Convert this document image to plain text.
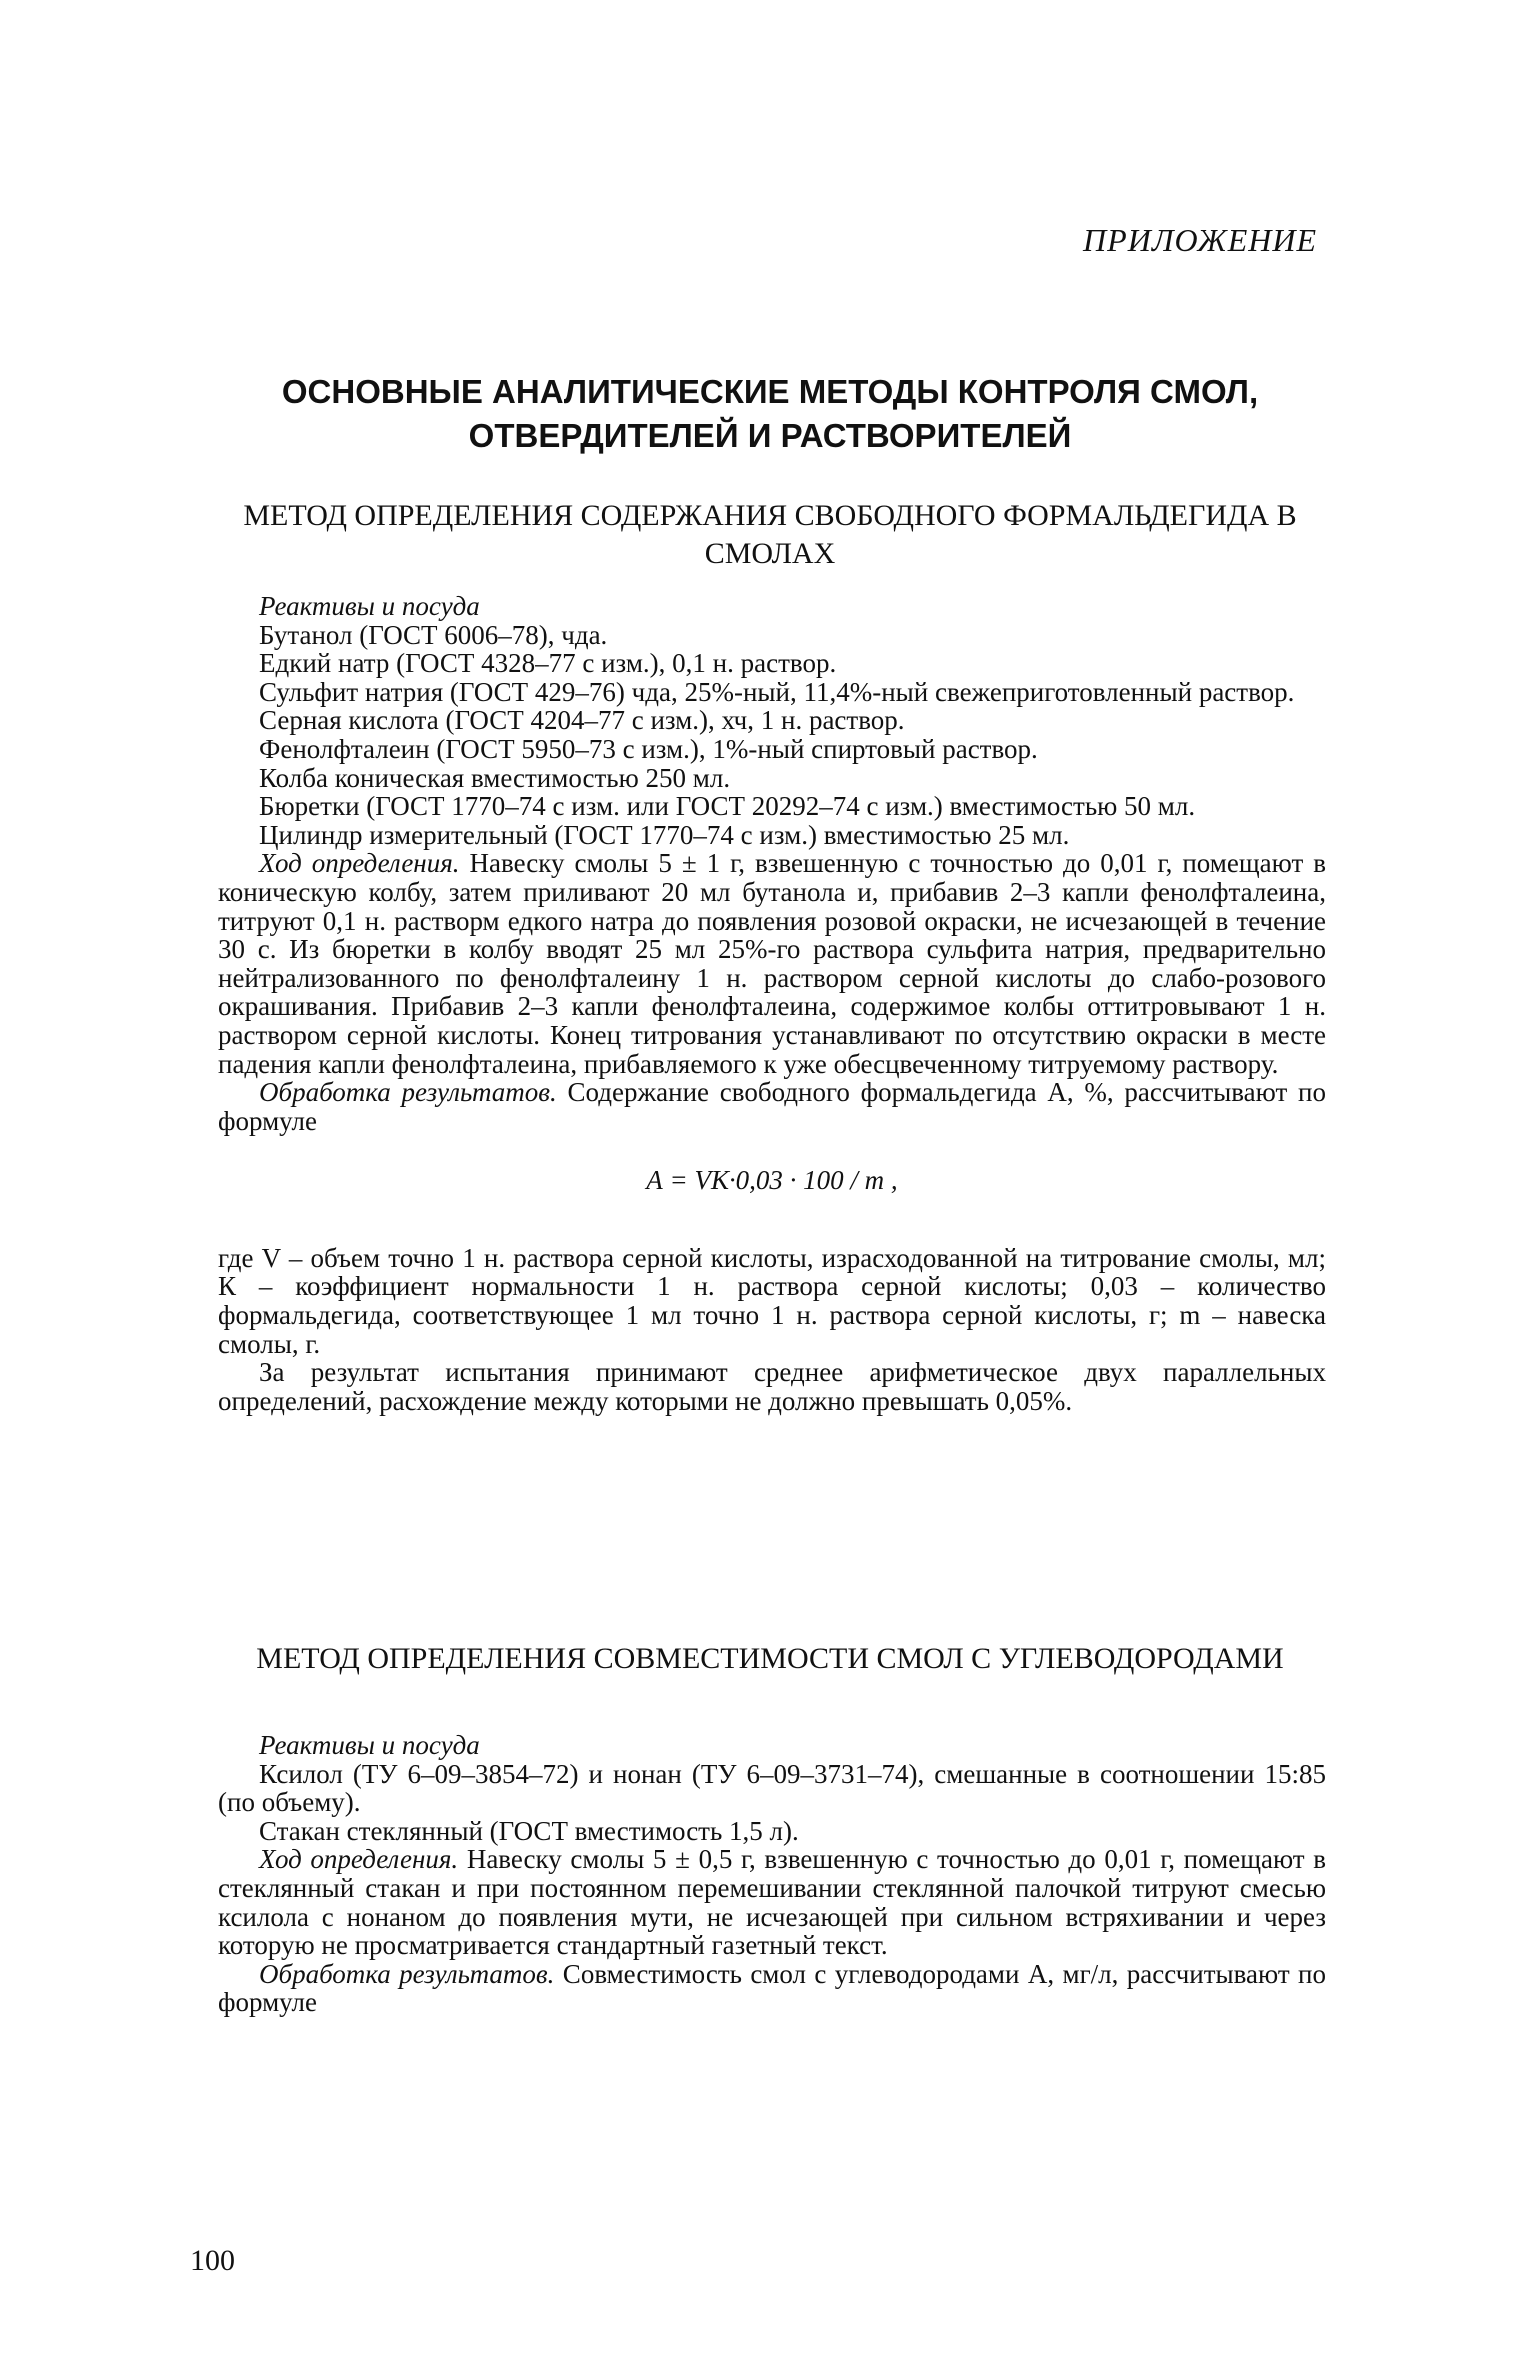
ПРИЛОЖЕНИЕ
ОСНОВНЫЕ АНАЛИТИЧЕСКИЕ МЕТОДЫ КОНТРОЛЯ СМОЛ, ОТВЕРДИТЕЛЕЙ И РАСТВОРИТЕЛЕЙ
МЕТОД ОПРЕДЕЛЕНИЯ СОДЕРЖАНИЯ СВОБОДНОГО ФОРМАЛЬДЕГИДА В СМОЛАХ

Реактивы и посуда

Бутанол (ГОСТ 6006–78), чда.

Едкий натр (ГОСТ 4328–77 с изм.), 0,1 н. раствор.

Сульфит натрия (ГОСТ 429–76) чда, 25%-ный, 11,4%-ный свежеприготовленный раствор.

Серная кислота (ГОСТ 4204–77 с изм.), хч, 1 н. раствор.

Фенолфталеин (ГОСТ 5950–73 с изм.), 1%-ный спиртовый раствор.

Колба коническая вместимостью 250 мл.

Бюретки (ГОСТ 1770–74 с изм. или ГОСТ 20292–74 с изм.) вместимостью 50 мл.

Цилиндр измерительный (ГОСТ 1770–74 с изм.) вместимостью 25 мл.

Ход определения. Навеску смолы 5 ± 1 г, взвешенную с точностью до 0,01 г, помещают в коническую колбу, затем приливают 20 мл бутанола и, прибавив 2–3 капли фенолфталеина, титруют 0,1 н. растворм едкого натра до появления розовой окраски, не исчезающей в течение 30 с. Из бюретки в колбу вводят 25 мл 25%-го раствора сульфита натрия, предварительно нейтрализованного по фенолфталеину 1 н. раствором серной кислоты до слабо-розового окрашивания. Прибавив 2–3 капли фенолфталеина, содержимое колбы оттитровывают 1 н. раствором серной кислоты. Конец титрования устанавливают по отсутствию окраски в месте падения капли фенолфталеина, прибавляемого к уже обесцвеченному титруемому раствору.

Обработка результатов. Содержание свободного формальдегида А, %, рассчитывают по формуле

А = VК·0,03 · 100 / m ,

где V – объем точно 1 н. раствора серной кислоты, израсходованной на титрование смолы, мл; К – коэффициент нормальности 1 н. раствора серной кислоты; 0,03 – количество формальдегида, соответствующее 1 мл точно 1 н. раствора серной кислоты, г; m – навеска смолы, г.

За результат испытания принимают среднее арифметическое двух параллельных определений, расхождение между которыми не должно превышать 0,05%.

МЕТОД ОПРЕДЕЛЕНИЯ СОВМЕСТИМОСТИ СМОЛ С УГЛЕВОДОРОДАМИ

Реактивы и посуда

Ксилол (ТУ 6–09–3854–72) и нонан (ТУ 6–09–3731–74), смешанные в соотношении 15:85 (по объему).

Стакан стеклянный (ГОСТ вместимость 1,5 л).

Ход определения. Навеску смолы 5 ± 0,5 г, взвешенную с точностью до 0,01 г, помещают в стеклянный стакан и при постоянном перемешивании стеклянной палочкой титруют смесью ксилола с нонаном до появления мути, не исчезающей при сильном встряхивании и через которую не просматривается стандартный газетный текст.

Обработка результатов. Совместимость смол с углеводородами А, мг/л, рассчитывают по формуле

100
